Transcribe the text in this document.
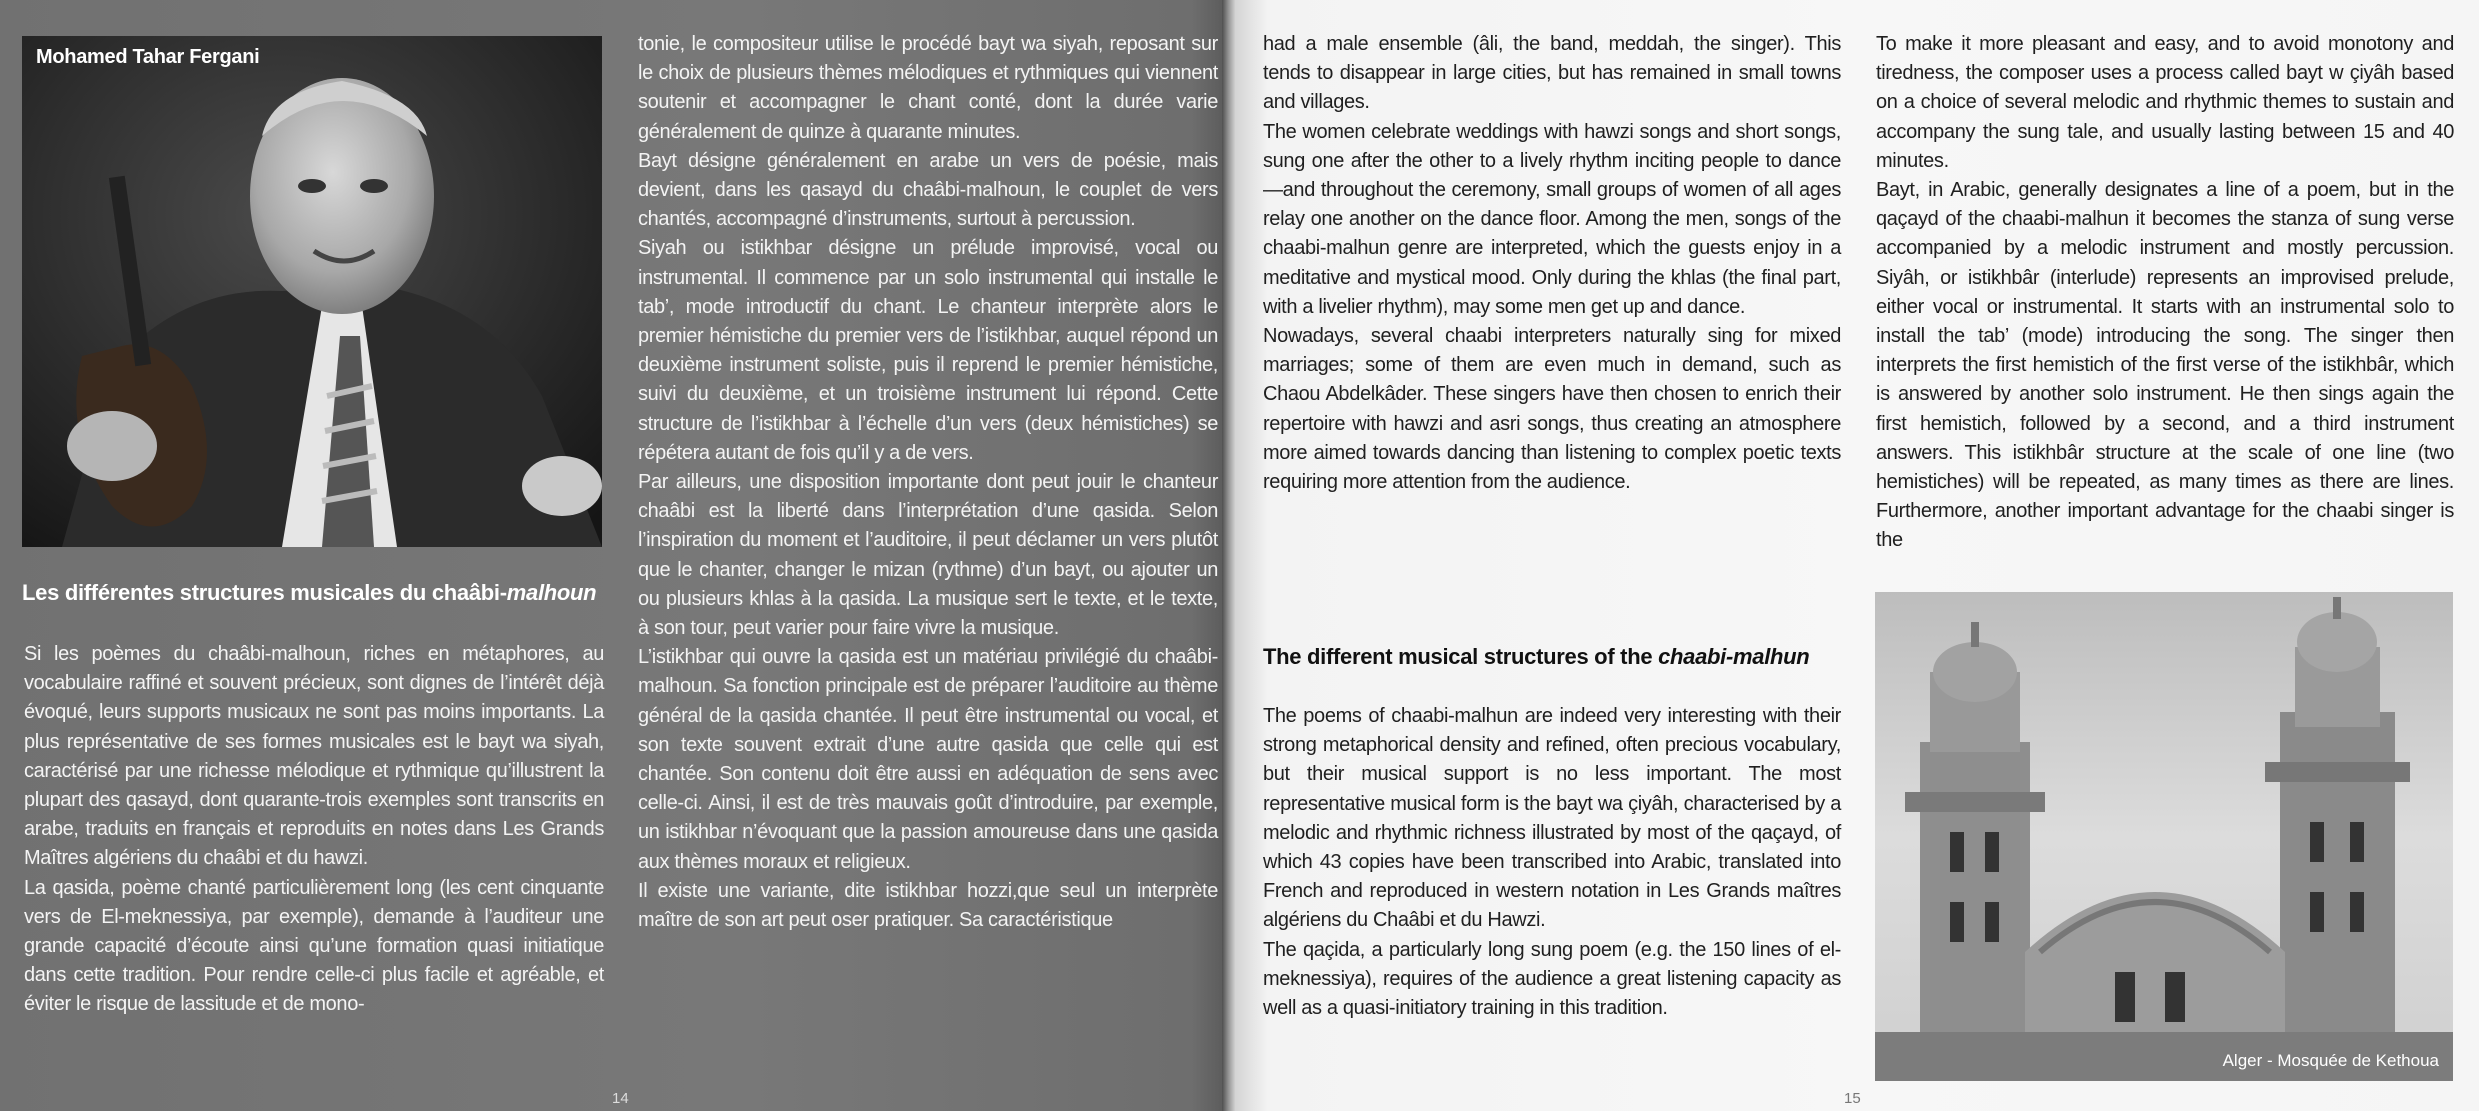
Mohamed Tahar Fergani
Les différentes structures musicales du chaâbi-malhoun

Si les poèmes du chaâbi-malhoun, riches en métaphores, au vocabulaire raffiné et souvent précieux, sont dignes de l’intérêt déjà évoqué, leurs supports musicaux ne sont pas moins importants. La plus représentative de ses formes musicales est le bayt wa siyah, caractérisé par une richesse mélodique et rythmique qu’illustrent la plupart des qasayd, dont quarante-trois exemples sont transcrits en arabe, traduits en français et reproduits en notes dans Les Grands Maîtres algériens du chaâbi et du hawzi.

La qasida, poème chanté particulièrement long (les cent cinquante vers de El-meknessiya, par exemple), demande à l’auditeur une grande capacité d’écoute ainsi qu’une formation quasi initiatique dans cette tradition. Pour rendre celle-ci plus facile et agréable, et éviter le risque de lassitude et de mono-

tonie, le compositeur utilise le procédé bayt wa siyah, reposant sur le choix de plusieurs thèmes mélodiques et rythmiques qui viennent soutenir et accompagner le chant conté, dont la durée varie généralement de quinze à quarante minutes.

Bayt désigne généralement en arabe un vers de poésie, mais devient, dans les qasayd du chaâbi-malhoun, le couplet de vers chantés, accompagné d’instruments, surtout à percussion.

Siyah ou istikhbar désigne un prélude improvisé, vocal ou instrumental. Il commence par un solo instrumental qui installe le tab’, mode introductif du chant. Le chanteur interprète alors le premier hémistiche du premier vers de l’istikhbar, auquel répond un deuxième instrument soliste, puis il reprend le premier hémistiche, suivi du deuxième, et un troisième instrument lui répond. Cette structure de l’istikhbar à l’échelle d’un vers (deux hémistiches) se répétera autant de fois qu’il y a de vers.

Par ailleurs, une disposition importante dont peut jouir le chanteur chaâbi est la liberté dans l’interprétation d’une qasida. Selon l’inspiration du moment et l’auditoire, il peut déclamer un vers plutôt que le chanter, changer le mizan (rythme) d’un bayt, ou ajouter un ou plusieurs khlas à la qasida. La musique sert le texte, et le texte, à son tour, peut varier pour faire vivre la musique.

L’istikhbar qui ouvre la qasida est un matériau privilégié du chaâbi-malhoun. Sa fonction principale est de préparer l’auditoire au thème général de la qasida chantée. Il peut être instrumental ou vocal, et son texte souvent extrait d’une autre qasida que celle qui est chantée. Son contenu doit être aussi en adéquation de sens avec celle-ci. Ainsi, il est de très mauvais goût d’introduire, par exemple, un istikhbar n’évoquant que la passion amoureuse dans une qasida aux thèmes moraux et religieux.

Il existe une variante, dite istikhbar hozzi,que seul un interprète maître de son art peut oser pratiquer. Sa caractéristique

14

had a male ensemble (âli, the band, meddah, the singer). This tends to disappear in large cities, but has remained in small towns and villages.

The women celebrate weddings with hawzi songs and short songs, sung one after the other to a lively rhythm inciting people to dance—and throughout the ceremony, small groups of women of all ages relay one another on the dance floor. Among the men, songs of the chaabi-malhun genre are interpreted, which the guests enjoy in a meditative and mystical mood. Only during the khlas (the final part, with a livelier rhythm), may some men get up and dance.

Nowadays, several chaabi interpreters naturally sing for mixed marriages; some of them are even much in demand, such as Chaou Abdelkâder. These singers have then chosen to enrich their repertoire with hawzi and asri songs, thus creating an atmosphere more aimed towards dancing than listening to complex poetic texts requiring more attention from the audience.

The different musical structures of the chaabi-malhun

The poems of chaabi-malhun are indeed very interesting with their strong metaphorical density and refined, often precious vocabulary, but their musical support is no less important. The most representative musical form is the bayt wa çiyâh, characterised by a melodic and rhythmic richness illustrated by most of the qaçayd, of which 43 copies have been transcribed into Arabic, translated into French and reproduced in western notation in Les Grands maîtres algériens du Chaâbi et du Hawzi.

The qaçida, a particularly long sung poem (e.g. the 150 lines of el-meknessiya), requires of the audience a great listening capacity as well as a quasi-initiatory training in this tradition.

To make it more pleasant and easy, and to avoid monotony and tiredness, the composer uses a process called bayt w çiyâh based on a choice of several melodic and rhythmic themes to sustain and accompany the sung tale, and usually lasting between 15 and 40 minutes.

Bayt, in Arabic, generally designates a line of a poem, but in the qaçayd of the chaabi-malhun it becomes the stanza of sung verse accompanied by a melodic instrument and mostly percussion. Siyâh, or istikhbâr (interlude) represents an improvised prelude, either vocal or instrumental. It starts with an instrumental solo to install the tab’ (mode) introducing the song. The singer then interprets the first hemistich of the first verse of the istikhbâr, which is answered by another solo instrument. He then sings again the first hemistich, followed by a second, and a third instrument answers. This istikhbâr structure at the scale of one line (two hemistiches) will be repeated, as many times as there are lines. Furthermore, another important advantage for the chaabi singer is the

Alger - Mosquée de Kethoua
15
